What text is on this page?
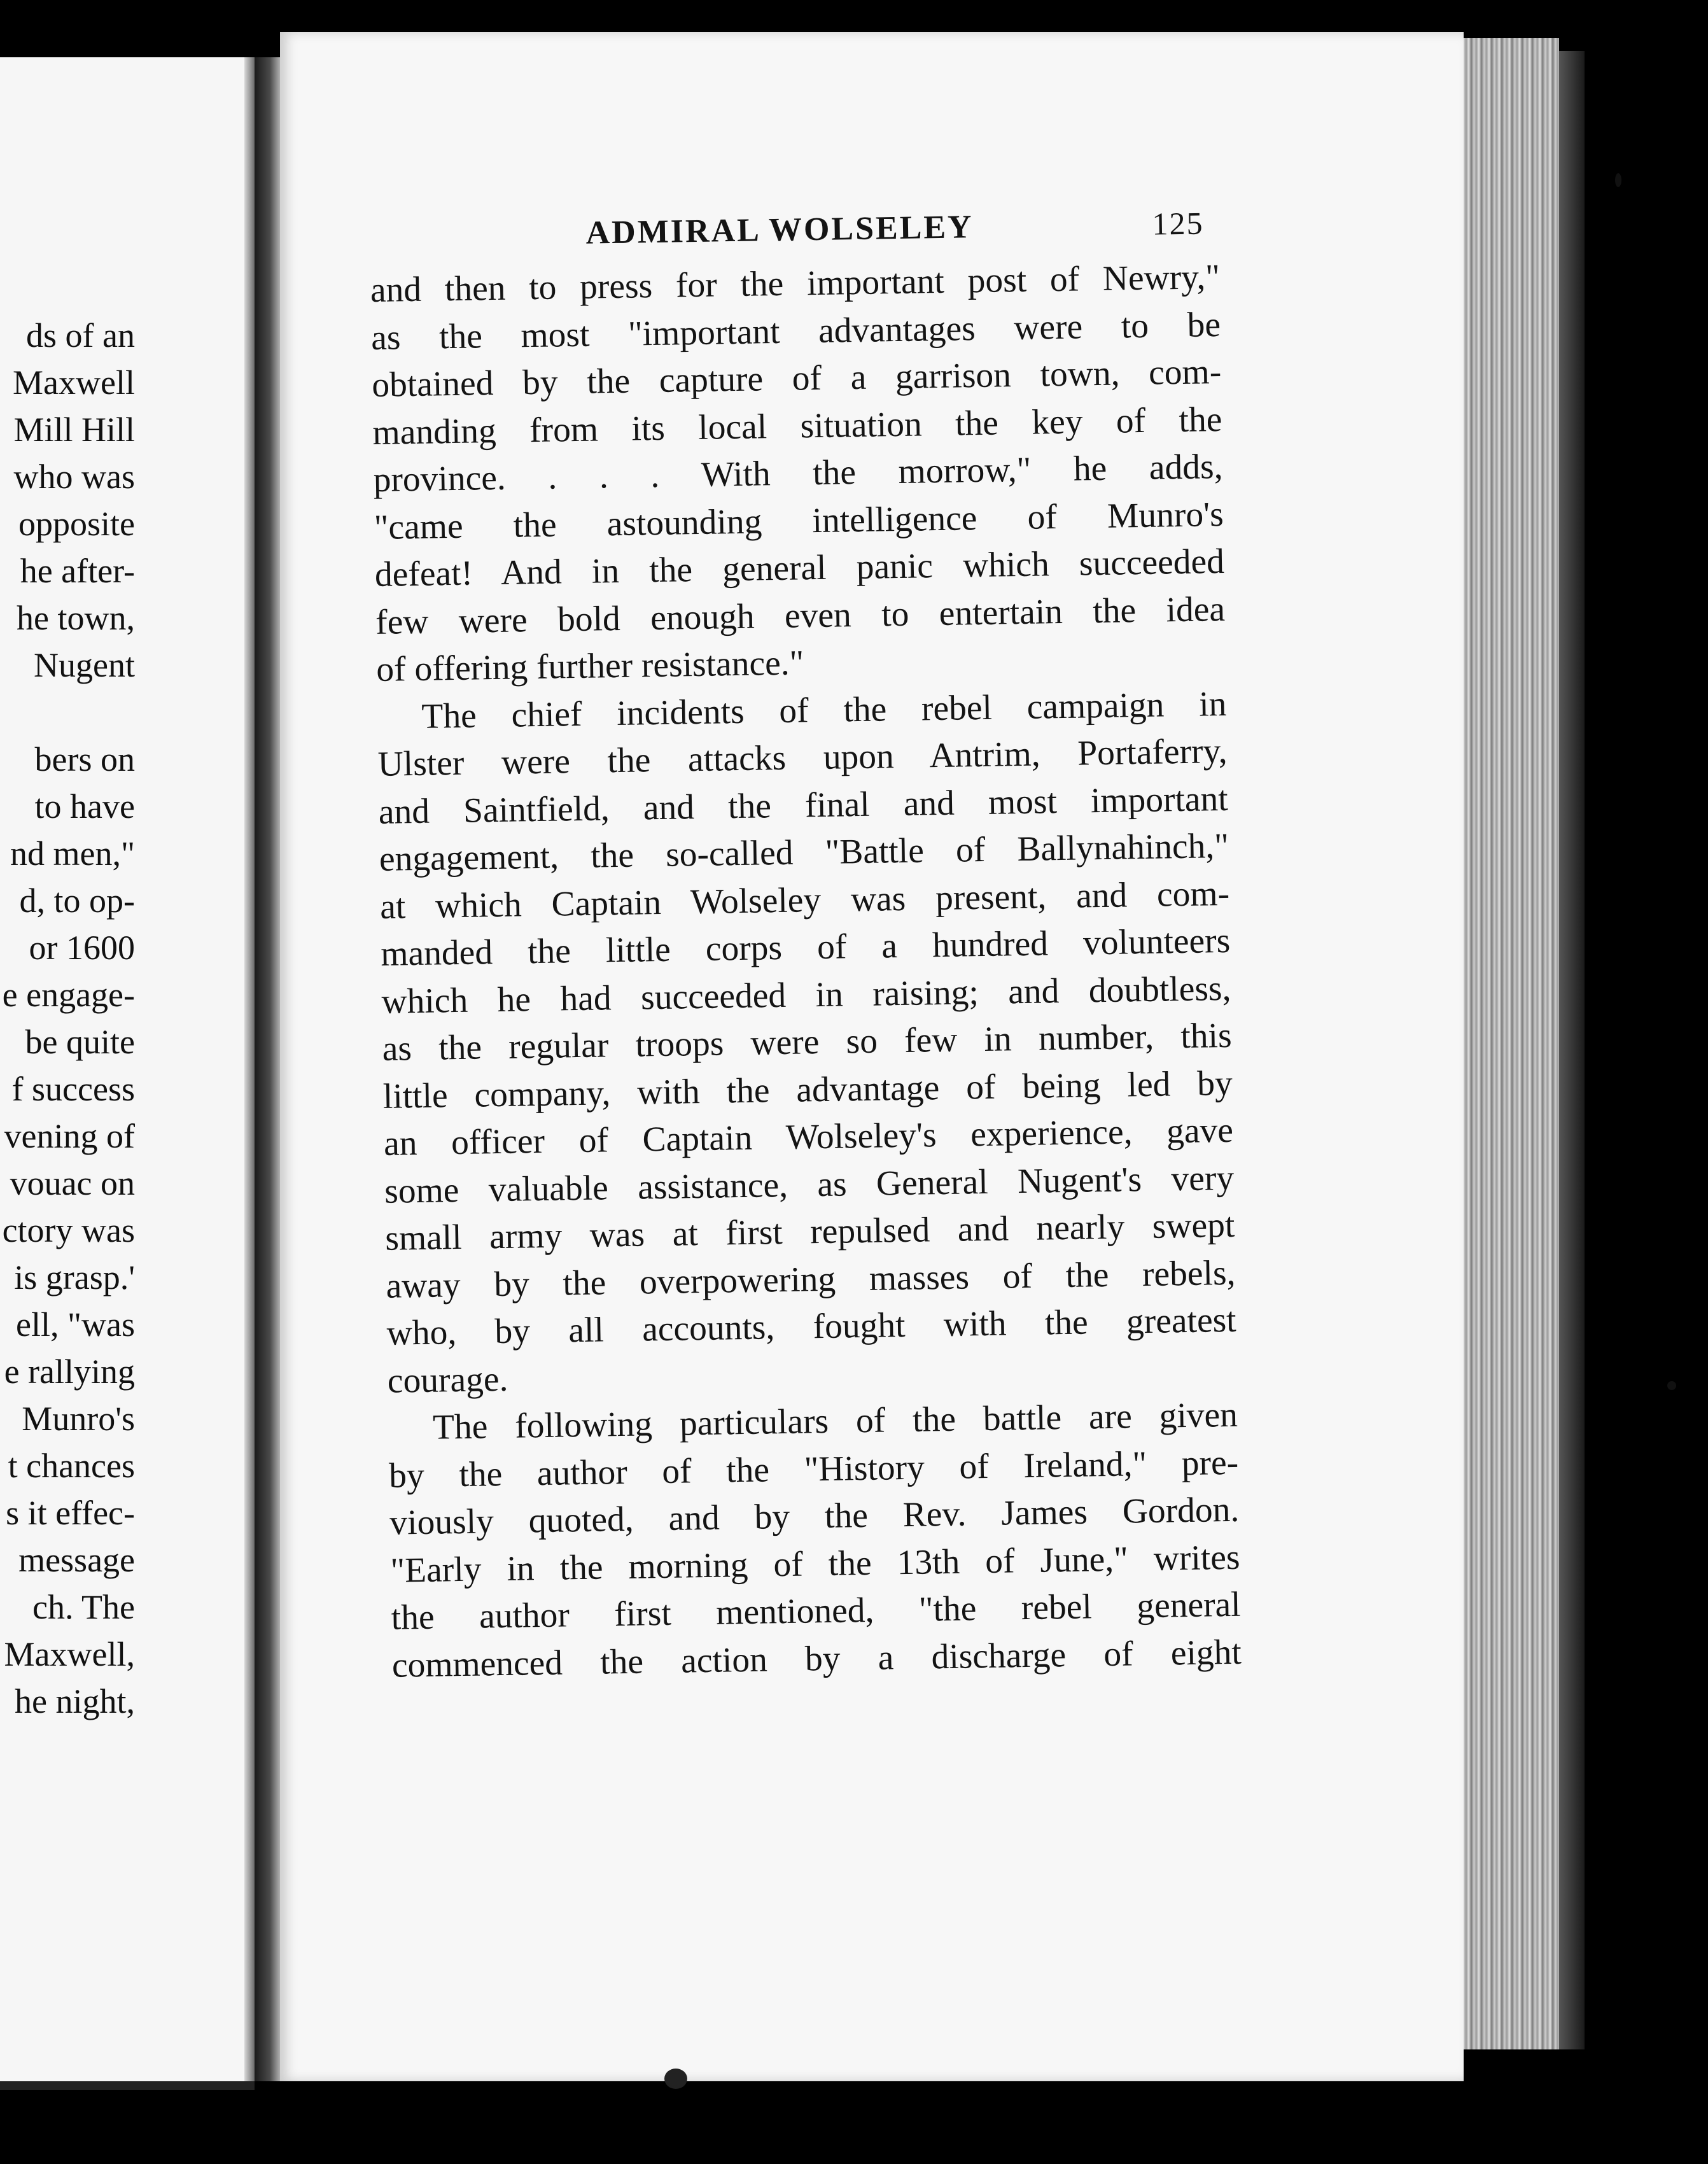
ds of an
Maxwell
Mill Hill
who was
opposite
he after-
he town,
Nugent
bers on
to have
nd men,"
d, to op-
or 1600
e engage-
be quite
f success
vening of
vouac on
ctory was
is grasp.'
ell, "was
e rallying
Munro's
t chances
s it effec-
message
ch. The
Maxwell,
he night,
ADMIRAL WOLSELEY	125

and then to press for the important post of Newry,"
as the most "important advantages were to be
obtained by the capture of a garrison town, com-
manding from its local situation the key of the
province. . . . With the morrow," he adds,
"came the astounding intelligence of Munro's
defeat! And in the general panic which succeeded
few were bold enough even to entertain the idea
of offering further resistance."

The chief incidents of the rebel campaign in
Ulster were the attacks upon Antrim, Portaferry,
and Saintfield, and the final and most important
engagement, the so-called "Battle of Ballynahinch,"
at which Captain Wolseley was present, and com-
manded the little corps of a hundred volunteers
which he had succeeded in raising; and doubtless,
as the regular troops were so few in number, this
little company, with the advantage of being led by
an officer of Captain Wolseley's experience, gave
some valuable assistance, as General Nugent's very
small army was at first repulsed and nearly swept
away by the overpowering masses of the rebels,
who, by all accounts, fought with the greatest
courage.

The following particulars of the battle are given
by the author of the "History of Ireland," pre-
viously quoted, and by the Rev. James Gordon.
"Early in the morning of the 13th of June," writes
the author first mentioned, "the rebel general
commenced the action by a discharge of eight
